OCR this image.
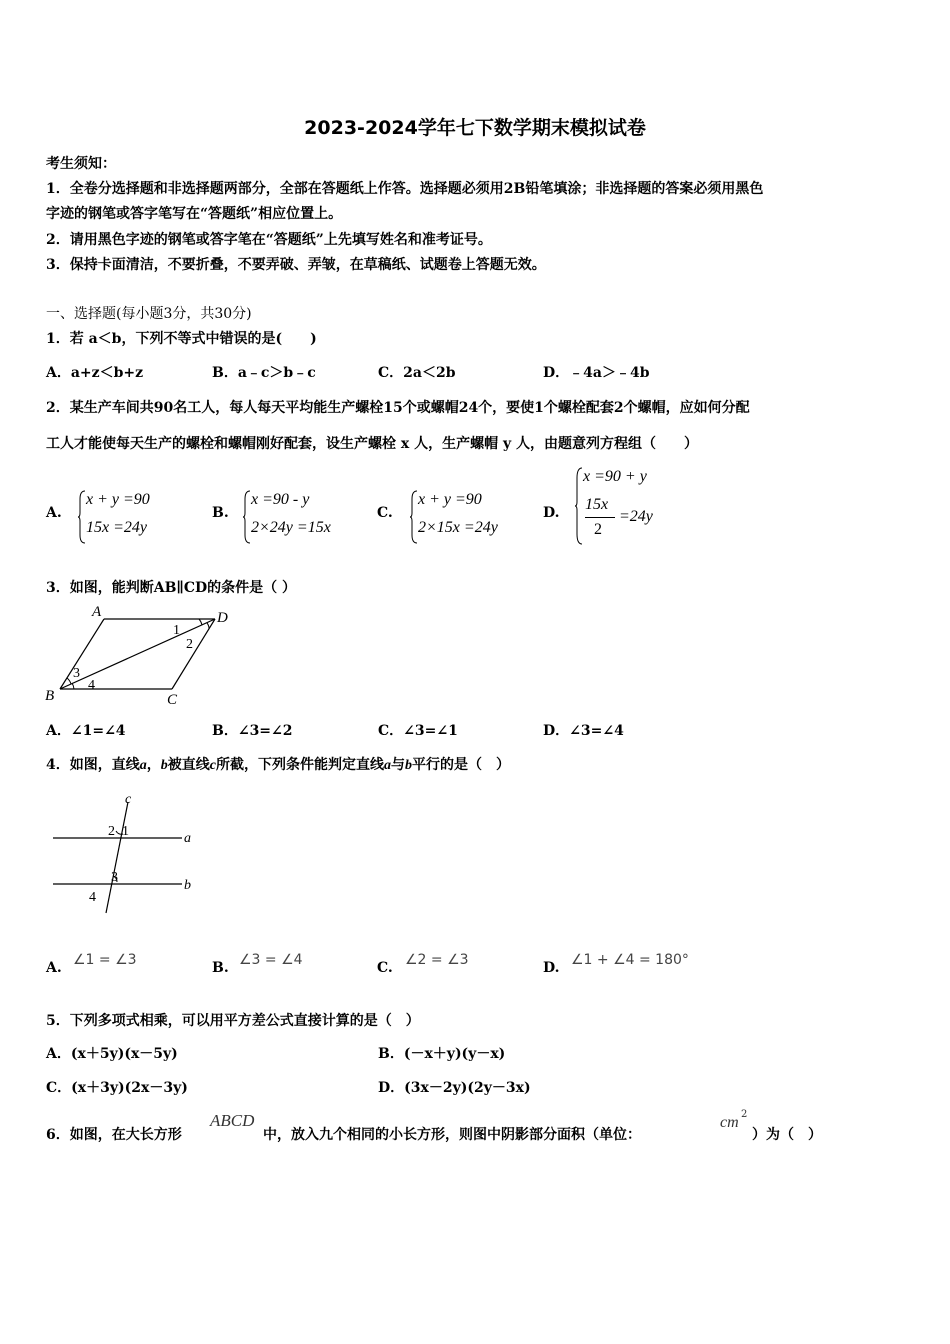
2023-2024学年七下数学期末模拟试卷
考生须知：
1．全卷分选择题和非选择题两部分，全部在答题纸上作答。选择题必须用2B铅笔填涂；非选择题的答案必须用黑色
字迹的钢笔或答字笔写在“答题纸”相应位置上。
2．请用黑色字迹的钢笔或答字笔在“答题纸”上先填写姓名和准考证号。
3．保持卡面清洁，不要折叠，不要弄破、弄皱，在草稿纸、试题卷上答题无效。
一、选择题(每小题3分，共30分)
1．若 a＜b，下列不等式中错误的是(　　)
A．a+z＜b+z	B．a﹣c＞b﹣c	C．2a＜2b	D．﹣4a＞﹣4b
2．某生产车间共90名工人，每人每天平均能生产螺栓15个或螺帽24个，要使1个螺栓配套2个螺帽，应如何分配
工人才能使每天生产的螺栓和螺帽刚好配套，设生产螺栓 x 人，生产螺帽 y 人，由题意列方程组（　　）
A.
x + y =90
15x =24y
B.
x =90 - y
2×24y =15x
C.
x + y =90
2×15x =24y
D.
x =90 + y
15x
2
=24y
3．如图，能判断AB∥CD的条件是（ ）
A	D
B	C
1
2
3
4
A．∠1=∠4	B．∠3=∠2	C．∠3=∠1	D．∠3=∠4
4．如图，直线a，b被直线c所截，下列条件能判定直线a与b平行的是（　）
c
a
b
1
2
3
4
A. ∠1 = ∠3	B. ∠3 = ∠4	C. ∠2 = ∠3	D. ∠1 + ∠4 = 180°
5．下列多项式相乘，可以用平方差公式直接计算的是（　）
A．(x＋5y)(x－5y)	B．(－x＋y)(y－x)
C．(x＋3y)(2x－3y)	D．(3x－2y)(2y－3x)
6．如图，在大长方形
ABCD
中，放入九个相同的小长方形，则图中阴影部分面积（单位：
cm 2
）为（　）
